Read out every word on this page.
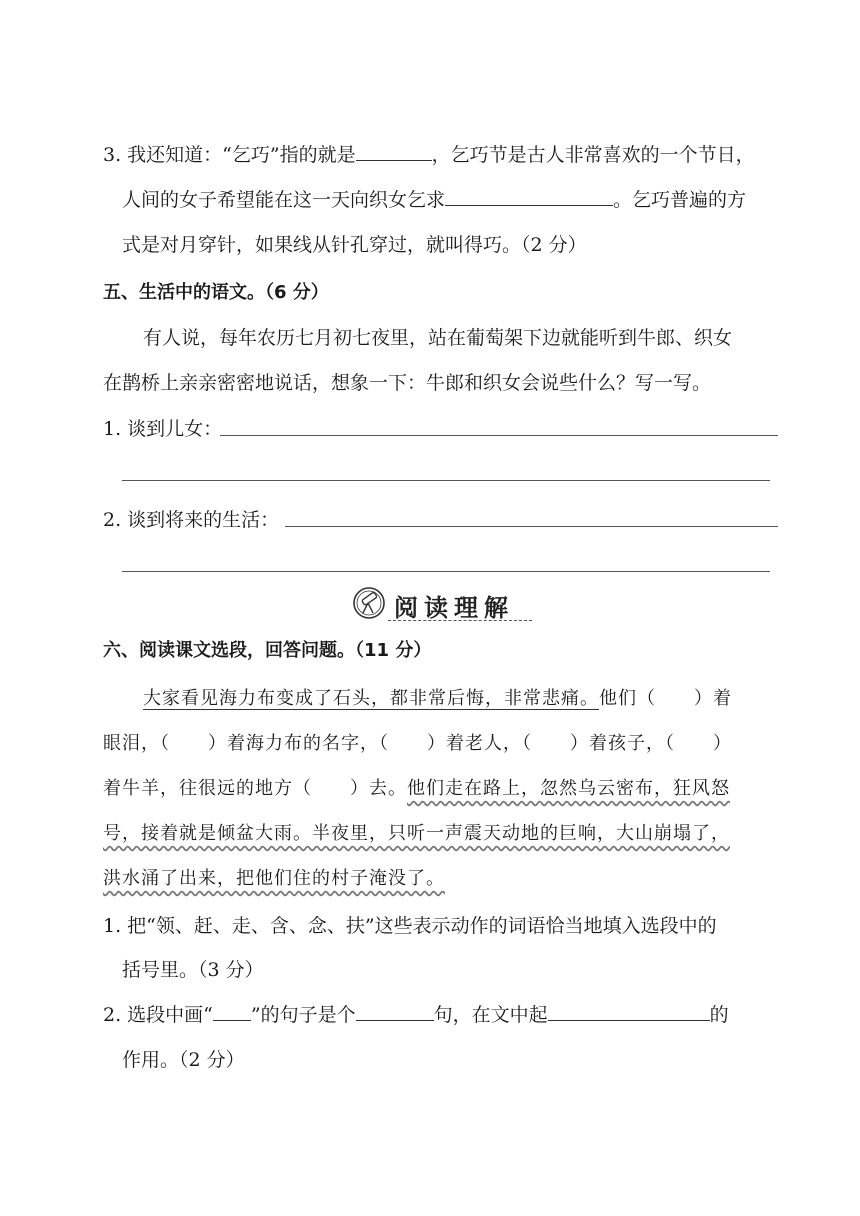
3. 我还知道：“乞巧”指的就是	，乞巧节是古人非常喜欢的一个节日，
人间的女子希望能在这一天向织女乞求	。乞巧普遍的方
式是对月穿针，如果线从针孔穿过，就叫得巧。（2 分）
五、生活中的语文。（6 分）
有人说，每年农历七月初七夜里，站在葡萄架下边就能听到牛郎、织女
在鹊桥上亲亲密密地说话，想象一下：牛郎和织女会说些什么？写一写。
1. 谈到儿女：
2. 谈到将来的生活：
阅读理解
六、阅读课文选段，回答问题。（11 分）
大家看见海力布变成了石头，都非常后悔，非常悲痛。他们（　　）着
眼泪，（　　）着海力布的名字，（　　）着老人，（　　）着孩子，（　　）
着牛羊，往很远的地方（　　）去。他们走在路上，忽然乌云密布，狂风怒
号，接着就是倾盆大雨。半夜里，只听一声震天动地的巨响，大山崩塌了，
洪水涌了出来，把他们住的村子淹没了。
1. 把“领、赶、走、含、念、扶”这些表示动作的词语恰当地填入选段中的
括号里。（3 分）
2. 选段中画“ ”的句子是个	句，在文中起	的
作用。（2 分）
